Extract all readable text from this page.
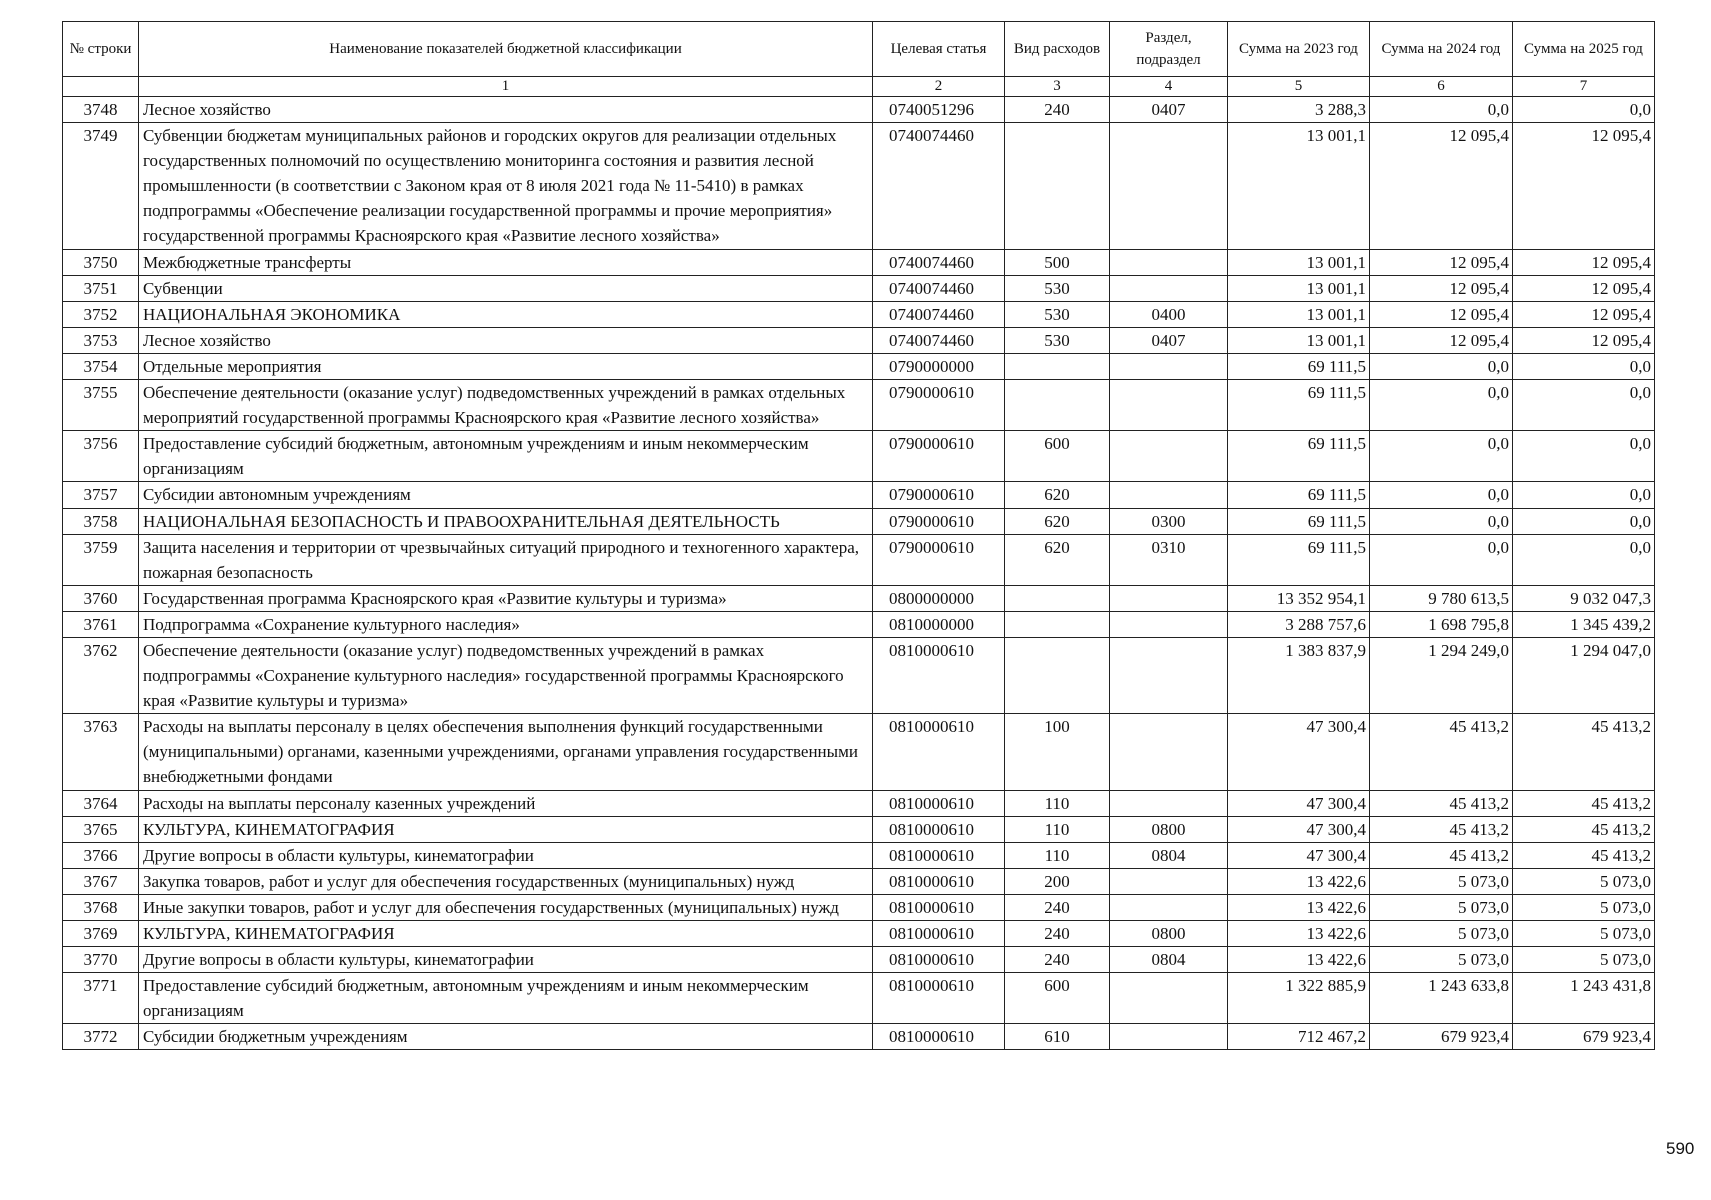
№ строки	Наименование показателей бюджетной классификации	Целевая статья	Вид расходов	Раздел, подраздел	Сумма на 2023 год	Сумма на 2024 год	Сумма на 2025 год
	1	2	3	4	5	6	7
3748	Лесное хозяйство	0740051296	240	0407	3 288,3	0,0	0,0
3749	Субвенции бюджетам муниципальных районов и городских округов для реализации отдельных государственных полномочий по осуществлению мониторинга состояния и развития лесной промышленности (в соответствии с Законом края от 8 июля 2021 года № 11-5410) в рамках подпрограммы «Обеспечение реализации государственной программы и прочие мероприятия» государственной программы Красноярского края «Развитие лесного хозяйства»	0740074460			13 001,1	12 095,4	12 095,4
3750	Межбюджетные трансферты	0740074460	500		13 001,1	12 095,4	12 095,4
3751	Субвенции	0740074460	530		13 001,1	12 095,4	12 095,4
3752	НАЦИОНАЛЬНАЯ ЭКОНОМИКА	0740074460	530	0400	13 001,1	12 095,4	12 095,4
3753	Лесное хозяйство	0740074460	530	0407	13 001,1	12 095,4	12 095,4
3754	Отдельные мероприятия	0790000000			69 111,5	0,0	0,0
3755	Обеспечение деятельности (оказание услуг) подведомственных учреждений в рамках отдельных мероприятий государственной программы Красноярского края «Развитие лесного хозяйства»	0790000610			69 111,5	0,0	0,0
3756	Предоставление субсидий бюджетным, автономным учреждениям и иным некоммерческим организациям	0790000610	600		69 111,5	0,0	0,0
3757	Субсидии автономным учреждениям	0790000610	620		69 111,5	0,0	0,0
3758	НАЦИОНАЛЬНАЯ БЕЗОПАСНОСТЬ И ПРАВООХРАНИТЕЛЬНАЯ ДЕЯТЕЛЬНОСТЬ	0790000610	620	0300	69 111,5	0,0	0,0
3759	Защита населения и территории от чрезвычайных ситуаций природного и техногенного характера, пожарная безопасность	0790000610	620	0310	69 111,5	0,0	0,0
3760	Государственная программа Красноярского края «Развитие культуры и туризма»	0800000000			13 352 954,1	9 780 613,5	9 032 047,3
3761	Подпрограмма «Сохранение культурного наследия»	0810000000			3 288 757,6	1 698 795,8	1 345 439,2
3762	Обеспечение деятельности (оказание услуг) подведомственных учреждений в рамках подпрограммы «Сохранение культурного наследия» государственной программы Красноярского края «Развитие культуры и туризма»	0810000610			1 383 837,9	1 294 249,0	1 294 047,0
3763	Расходы на выплаты персоналу в целях обеспечения выполнения функций государственными (муниципальными) органами, казенными учреждениями, органами управления государственными внебюджетными фондами	0810000610	100		47 300,4	45 413,2	45 413,2
3764	Расходы на выплаты персоналу казенных учреждений	0810000610	110		47 300,4	45 413,2	45 413,2
3765	КУЛЬТУРА, КИНЕМАТОГРАФИЯ	0810000610	110	0800	47 300,4	45 413,2	45 413,2
3766	Другие вопросы в области культуры, кинематографии	0810000610	110	0804	47 300,4	45 413,2	45 413,2
3767	Закупка товаров, работ и услуг для обеспечения государственных (муниципальных) нужд	0810000610	200		13 422,6	5 073,0	5 073,0
3768	Иные закупки товаров, работ и услуг для обеспечения государственных (муниципальных) нужд	0810000610	240		13 422,6	5 073,0	5 073,0
3769	КУЛЬТУРА, КИНЕМАТОГРАФИЯ	0810000610	240	0800	13 422,6	5 073,0	5 073,0
3770	Другие вопросы в области культуры, кинематографии	0810000610	240	0804	13 422,6	5 073,0	5 073,0
3771	Предоставление субсидий бюджетным, автономным учреждениям и иным некоммерческим организациям	0810000610	600		1 322 885,9	1 243 633,8	1 243 431,8
3772	Субсидии бюджетным учреждениям	0810000610	610		712 467,2	679 923,4	679 923,4
590
